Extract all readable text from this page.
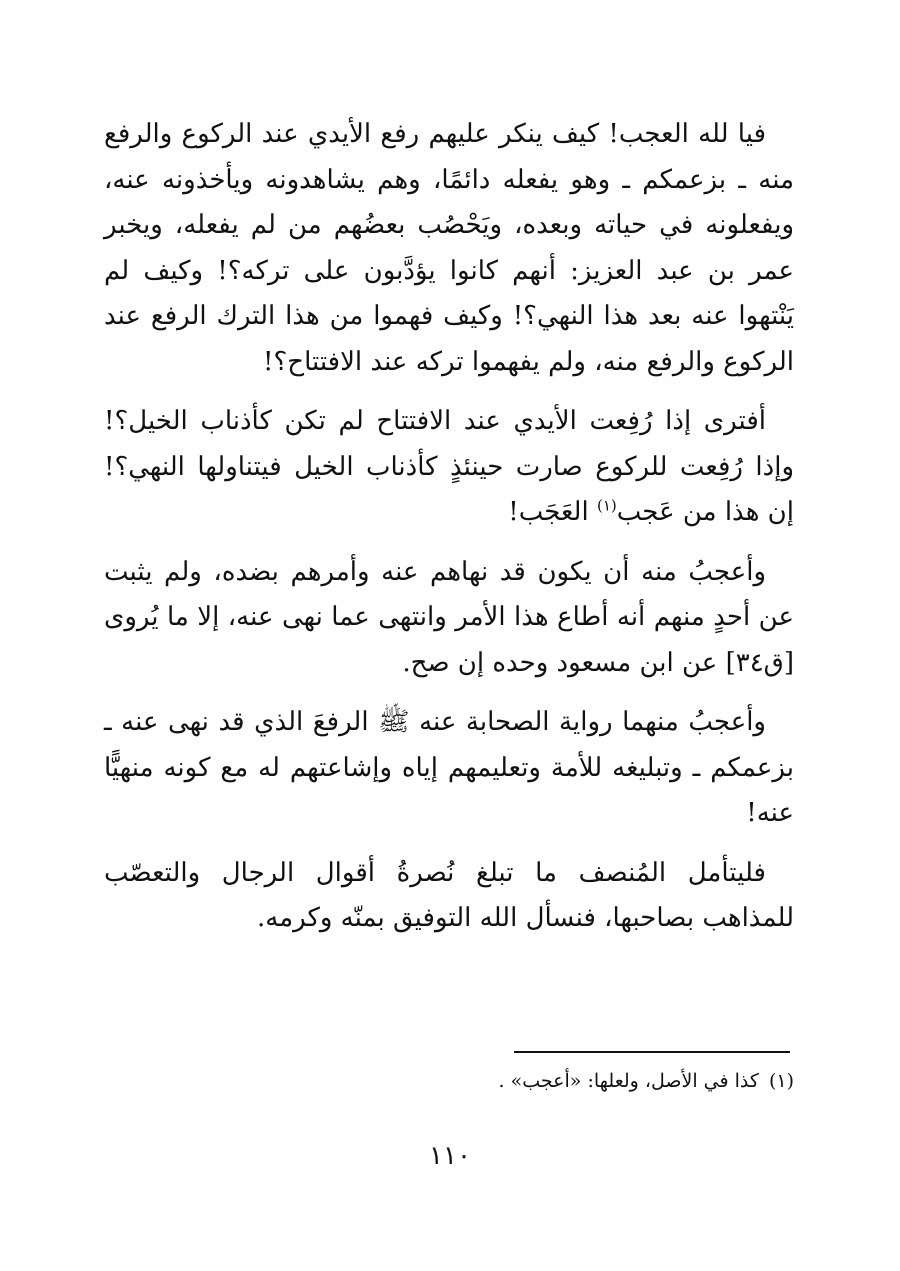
فيا لله العجب! كيف ينكر عليهم رفع الأيدي عند الركوع والرفع منه ـ بزعمكم ـ وهو يفعله دائمًا، وهم يشاهدونه ويأخذونه عنه، ويفعلونه في حياته وبعده، ويَحْصُب بعضُهم من لم يفعله، ويخبر عمر بن عبد العزيز: أنهم كانوا يؤدَّبون على تركه؟! وكيف لم يَنْتهوا عنه بعد هذا النهي؟! وكيف فهموا من هذا الترك الرفع عند الركوع والرفع منه، ولم يفهموا تركه عند الافتتاح؟!

أفترى إذا رُفِعت الأيدي عند الافتتاح لم تكن كأذناب الخيل؟! وإذا رُفِعت للركوع صارت حينئذٍ كأذناب الخيل فيتناولها النهي؟! إن هذا من عَجب$^{(١)}$ العَجَب!

وأعجبُ منه أن يكون قد نهاهم عنه وأمرهم بضده، ولم يثبت عن أحدٍ منهم أنه أطاع هذا الأمر وانتهى عما نهى عنه، إلا ما يُروى [ق٣٤] عن ابن مسعود وحده إن صح.

وأعجبُ منهما رواية الصحابة عنه ﷺ الرفعَ الذي قد نهى عنه ـ بزعمكم ـ وتبليغه للأمة وتعليمهم إياه وإشاعتهم له مع كونه منهيًّا عنه!

فليتأمل المُنصف ما تبلغ نُصرةُ أقوال الرجال والتعصّب للمذاهب بصاحبها، فنسأل الله التوفيق بمنّه وكرمه.

(١)كذا في الأصل، ولعلها: «أعجب» .
١١٠
